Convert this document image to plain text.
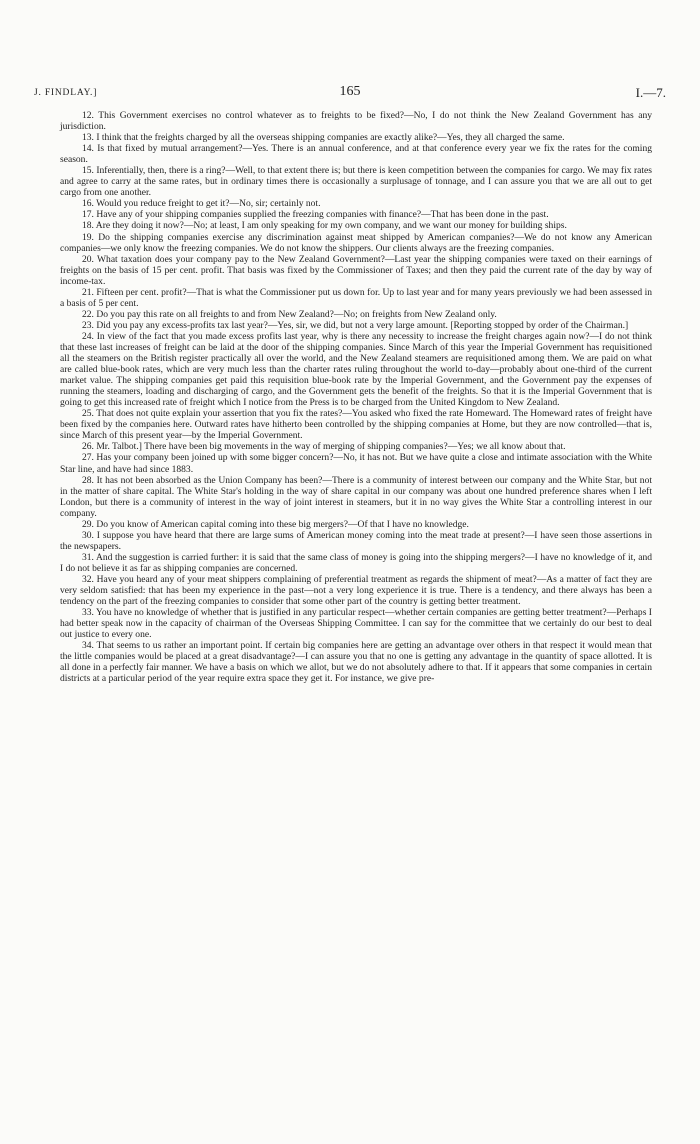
J. FINDLAY.]	165	I.—7.

12. This Government exercises no control whatever as to freights to be fixed?—No, I do not think the New Zealand Government has any jurisdiction.

13. I think that the freights charged by all the overseas shipping companies are exactly alike?—Yes, they all charged the same.

14. Is that fixed by mutual arrangement?—Yes. There is an annual conference, and at that conference every year we fix the rates for the coming season.

15. Inferentially, then, there is a ring?—Well, to that extent there is; but there is keen competition between the companies for cargo. We may fix rates and agree to carry at the same rates, but in ordinary times there is occasionally a surplusage of tonnage, and I can assure you that we are all out to get cargo from one another.

16. Would you reduce freight to get it?—No, sir; certainly not.

17. Have any of your shipping companies supplied the freezing companies with finance?—That has been done in the past.

18. Are they doing it now?—No; at least, I am only speaking for my own company, and we want our money for building ships.

19. Do the shipping companies exercise any discrimination against meat shipped by American companies?—We do not know any American companies—we only know the freezing companies. We do not know the shippers. Our clients always are the freezing companies.

20. What taxation does your company pay to the New Zealand Government?—Last year the shipping companies were taxed on their earnings of freights on the basis of 15 per cent. profit. That basis was fixed by the Commissioner of Taxes; and then they paid the current rate of the day by way of income-tax.

21. Fifteen per cent. profit?—That is what the Commissioner put us down for. Up to last year and for many years previously we had been assessed in a basis of 5 per cent.

22. Do you pay this rate on all freights to and from New Zealand?—No; on freights from New Zealand only.

23. Did you pay any excess-profits tax last year?—Yes, sir, we did, but not a very large amount. [Reporting stopped by order of the Chairman.]

24. In view of the fact that you made excess profits last year, why is there any necessity to increase the freight charges again now?—I do not think that these last increases of freight can be laid at the door of the shipping companies. Since March of this year the Imperial Government has requisitioned all the steamers on the British register practically all over the world, and the New Zealand steamers are requisitioned among them. We are paid on what are called blue-book rates, which are very much less than the charter rates ruling throughout the world to-day—probably about one-third of the current market value. The shipping companies get paid this requisition blue-book rate by the Imperial Government, and the Government pay the expenses of running the steamers, loading and discharging of cargo, and the Government gets the benefit of the freights. So that it is the Imperial Government that is going to get this increased rate of freight which I notice from the Press is to be charged from the United Kingdom to New Zealand.

25. That does not quite explain your assertion that you fix the rates?—You asked who fixed the rate Homeward. The Homeward rates of freight have been fixed by the companies here. Outward rates have hitherto been controlled by the shipping companies at Home, but they are now controlled—that is, since March of this present year—by the Imperial Government.

26. Mr. Talbot.] There have been big movements in the way of merging of shipping companies?—Yes; we all know about that.

27. Has your company been joined up with some bigger concern?—No, it has not. But we have quite a close and intimate association with the White Star line, and have had since 1883.

28. It has not been absorbed as the Union Company has been?—There is a community of interest between our company and the White Star, but not in the matter of share capital. The White Star's holding in the way of share capital in our company was about one hundred preference shares when I left London, but there is a community of interest in the way of joint interest in steamers, but it in no way gives the White Star a controlling interest in our company.

29. Do you know of American capital coming into these big mergers?—Of that I have no knowledge.

30. I suppose you have heard that there are large sums of American money coming into the meat trade at present?—I have seen those assertions in the newspapers.

31. And the suggestion is carried further: it is said that the same class of money is going into the shipping mergers?—I have no knowledge of it, and I do not believe it as far as shipping companies are concerned.

32. Have you heard any of your meat shippers complaining of preferential treatment as regards the shipment of meat?—As a matter of fact they are very seldom satisfied: that has been my experience in the past—not a very long experience it is true. There is a tendency, and there always has been a tendency on the part of the freezing companies to consider that some other part of the country is getting better treatment.

33. You have no knowledge of whether that is justified in any particular respect—whether certain companies are getting better treatment?—Perhaps I had better speak now in the capacity of chairman of the Overseas Shipping Committee. I can say for the committee that we certainly do our best to deal out justice to every one.

34. That seems to us rather an important point. If certain big companies here are getting an advantage over others in that respect it would mean that the little companies would be placed at a great disadvantage?—I can assure you that no one is getting any advantage in the quantity of space allotted. It is all done in a perfectly fair manner. We have a basis on which we allot, but we do not absolutely adhere to that. If it appears that some companies in certain districts at a particular period of the year require extra space they get it. For instance, we give pre-
